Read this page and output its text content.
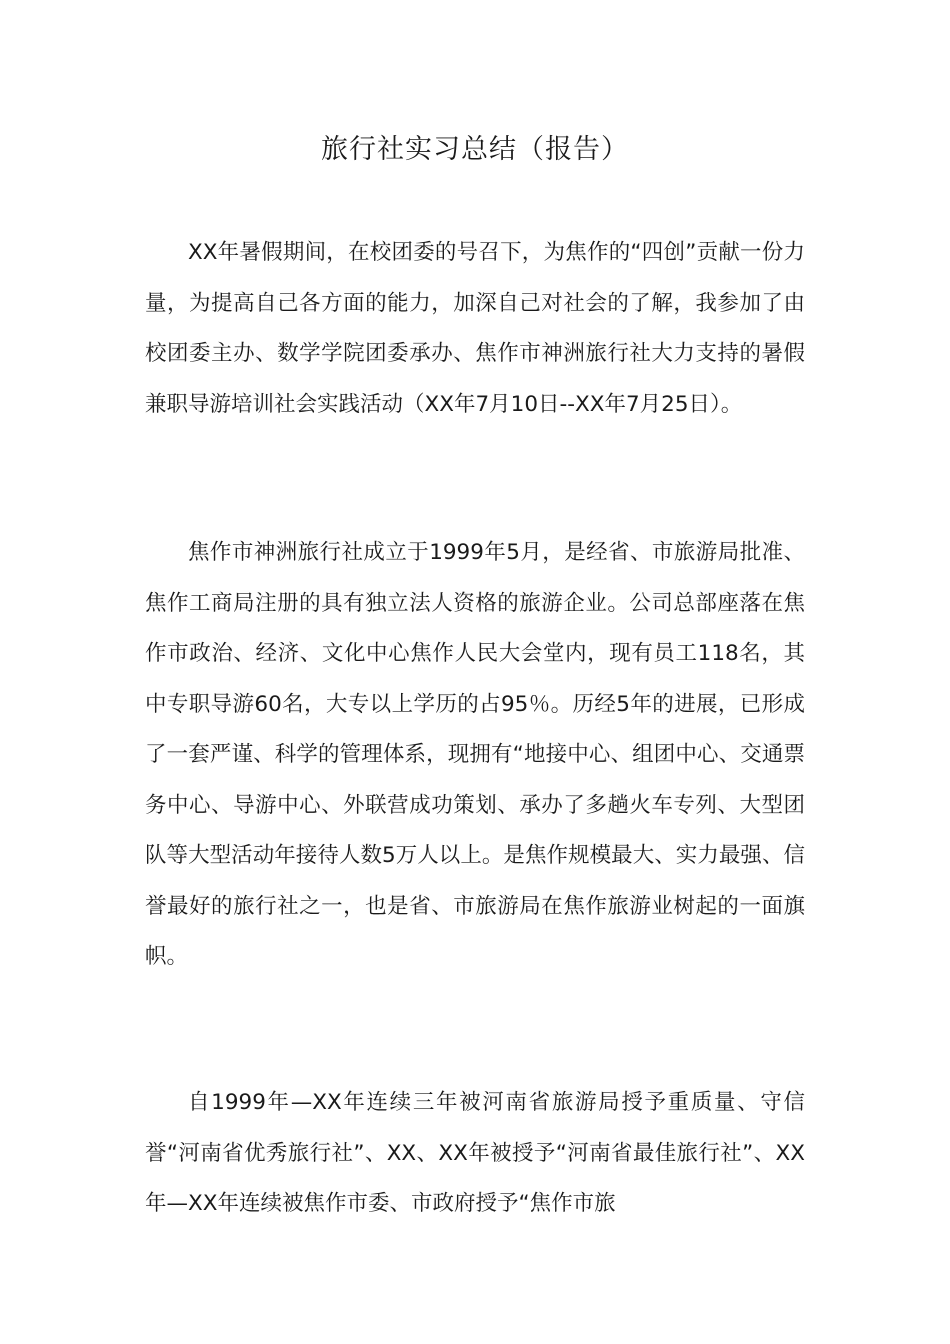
旅行社实习总结（报告）

XX年暑假期间，在校团委的号召下，为焦作的“四创”贡献一份力量，为提高自己各方面的能力，加深自己对社会的了解，我参加了由校团委主办、数学学院团委承办、焦作市神洲旅行社大力支持的暑假兼职导游培训社会实践活动（XX年7月10日--XX年7月25日）。

焦作市神洲旅行社成立于1999年5月，是经省、市旅游局批准、焦作工商局注册的具有独立法人资格的旅游企业。公司总部座落在焦作市政治、经济、文化中心焦作人民大会堂内，现有员工118名，其中专职导游60名，大专以上学历的占95％。历经5年的进展，已形成了一套严谨、科学的管理体系，现拥有“地接中心、组团中心、交通票务中心、导游中心、外联营成功策划、承办了多趟火车专列、大型团队等大型活动年接待人数5万人以上。是焦作规模最大、实力最强、信誉最好的旅行社之一，也是省、市旅游局在焦作旅游业树起的一面旗帜。

自1999年—XX年连续三年被河南省旅游局授予重质量、守信誉“河南省优秀旅行社”、XX、XX年被授予“河南省最佳旅行社”、XX年—XX年连续被焦作市委、市政府授予“焦作市旅
